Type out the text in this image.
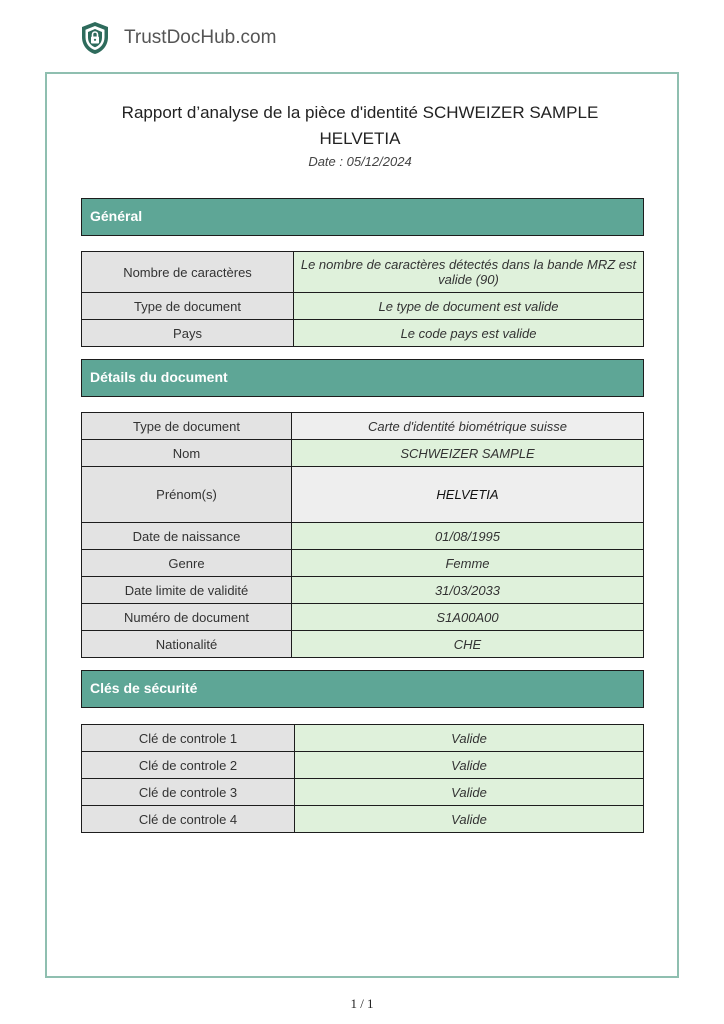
TrustDocHub.com
Rapport d’analyse de la pièce d'identité SCHWEIZER SAMPLE
HELVETIA
Date : 05/12/2024
Général
Nombre de caractères	Le nombre de caractères détectés dans la bande MRZ est valide (90)
Type de document	Le type de document est valide
Pays	Le code pays est valide
Détails du document
Type de document	Carte d'identité biométrique suisse
Nom	SCHWEIZER SAMPLE
Prénom(s)	HELVETIA
Date de naissance	01/08/1995
Genre	Femme
Date limite de validité	31/03/2033
Numéro de document	S1A00A00
Nationalité	CHE
Clés de sécurité
Clé de controle 1	Valide
Clé de controle 2	Valide
Clé de controle 3	Valide
Clé de controle 4	Valide
1 / 1
